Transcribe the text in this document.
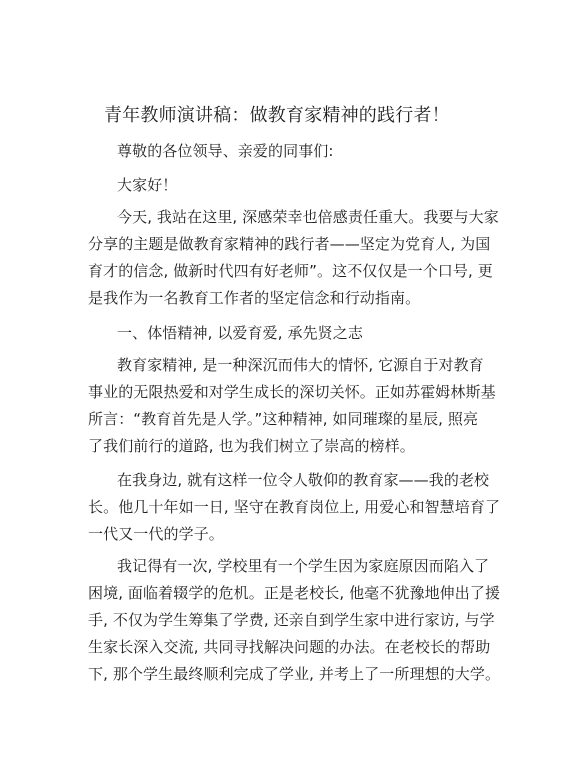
青年教师演讲稿：做教育家精神的践行者！
尊敬的各位领导、亲爱的同事们:
大家好！
今天, 我站在这里, 深感荣幸也倍感责任重大。我要与大家
分享的主题是做教育家精神的践行者——坚定为党育人, 为国
育才的信念, 做新时代四有好老师”。这不仅仅是一个口号, 更
是我作为一名教育工作者的坚定信念和行动指南。
一、体悟精神, 以爱育爱, 承先贤之志
教育家精神, 是一种深沉而伟大的情怀, 它源自于对教育
事业的无限热爱和对学生成长的深切关怀。正如苏霍姆林斯基
所言：“教育首先是人学。”这种精神, 如同璀璨的星辰, 照亮
了我们前行的道路, 也为我们树立了崇高的榜样。
在我身边, 就有这样一位令人敬仰的教育家——我的老校
长。他几十年如一日, 坚守在教育岗位上, 用爱心和智慧培育了
一代又一代的学子。
我记得有一次, 学校里有一个学生因为家庭原因而陷入了
困境, 面临着辍学的危机。正是老校长, 他毫不犹豫地伸出了援
手, 不仅为学生筹集了学费, 还亲自到学生家中进行家访, 与学
生家长深入交流, 共同寻找解决问题的办法。在老校长的帮助
下, 那个学生最终顺利完成了学业, 并考上了一所理想的大学。
